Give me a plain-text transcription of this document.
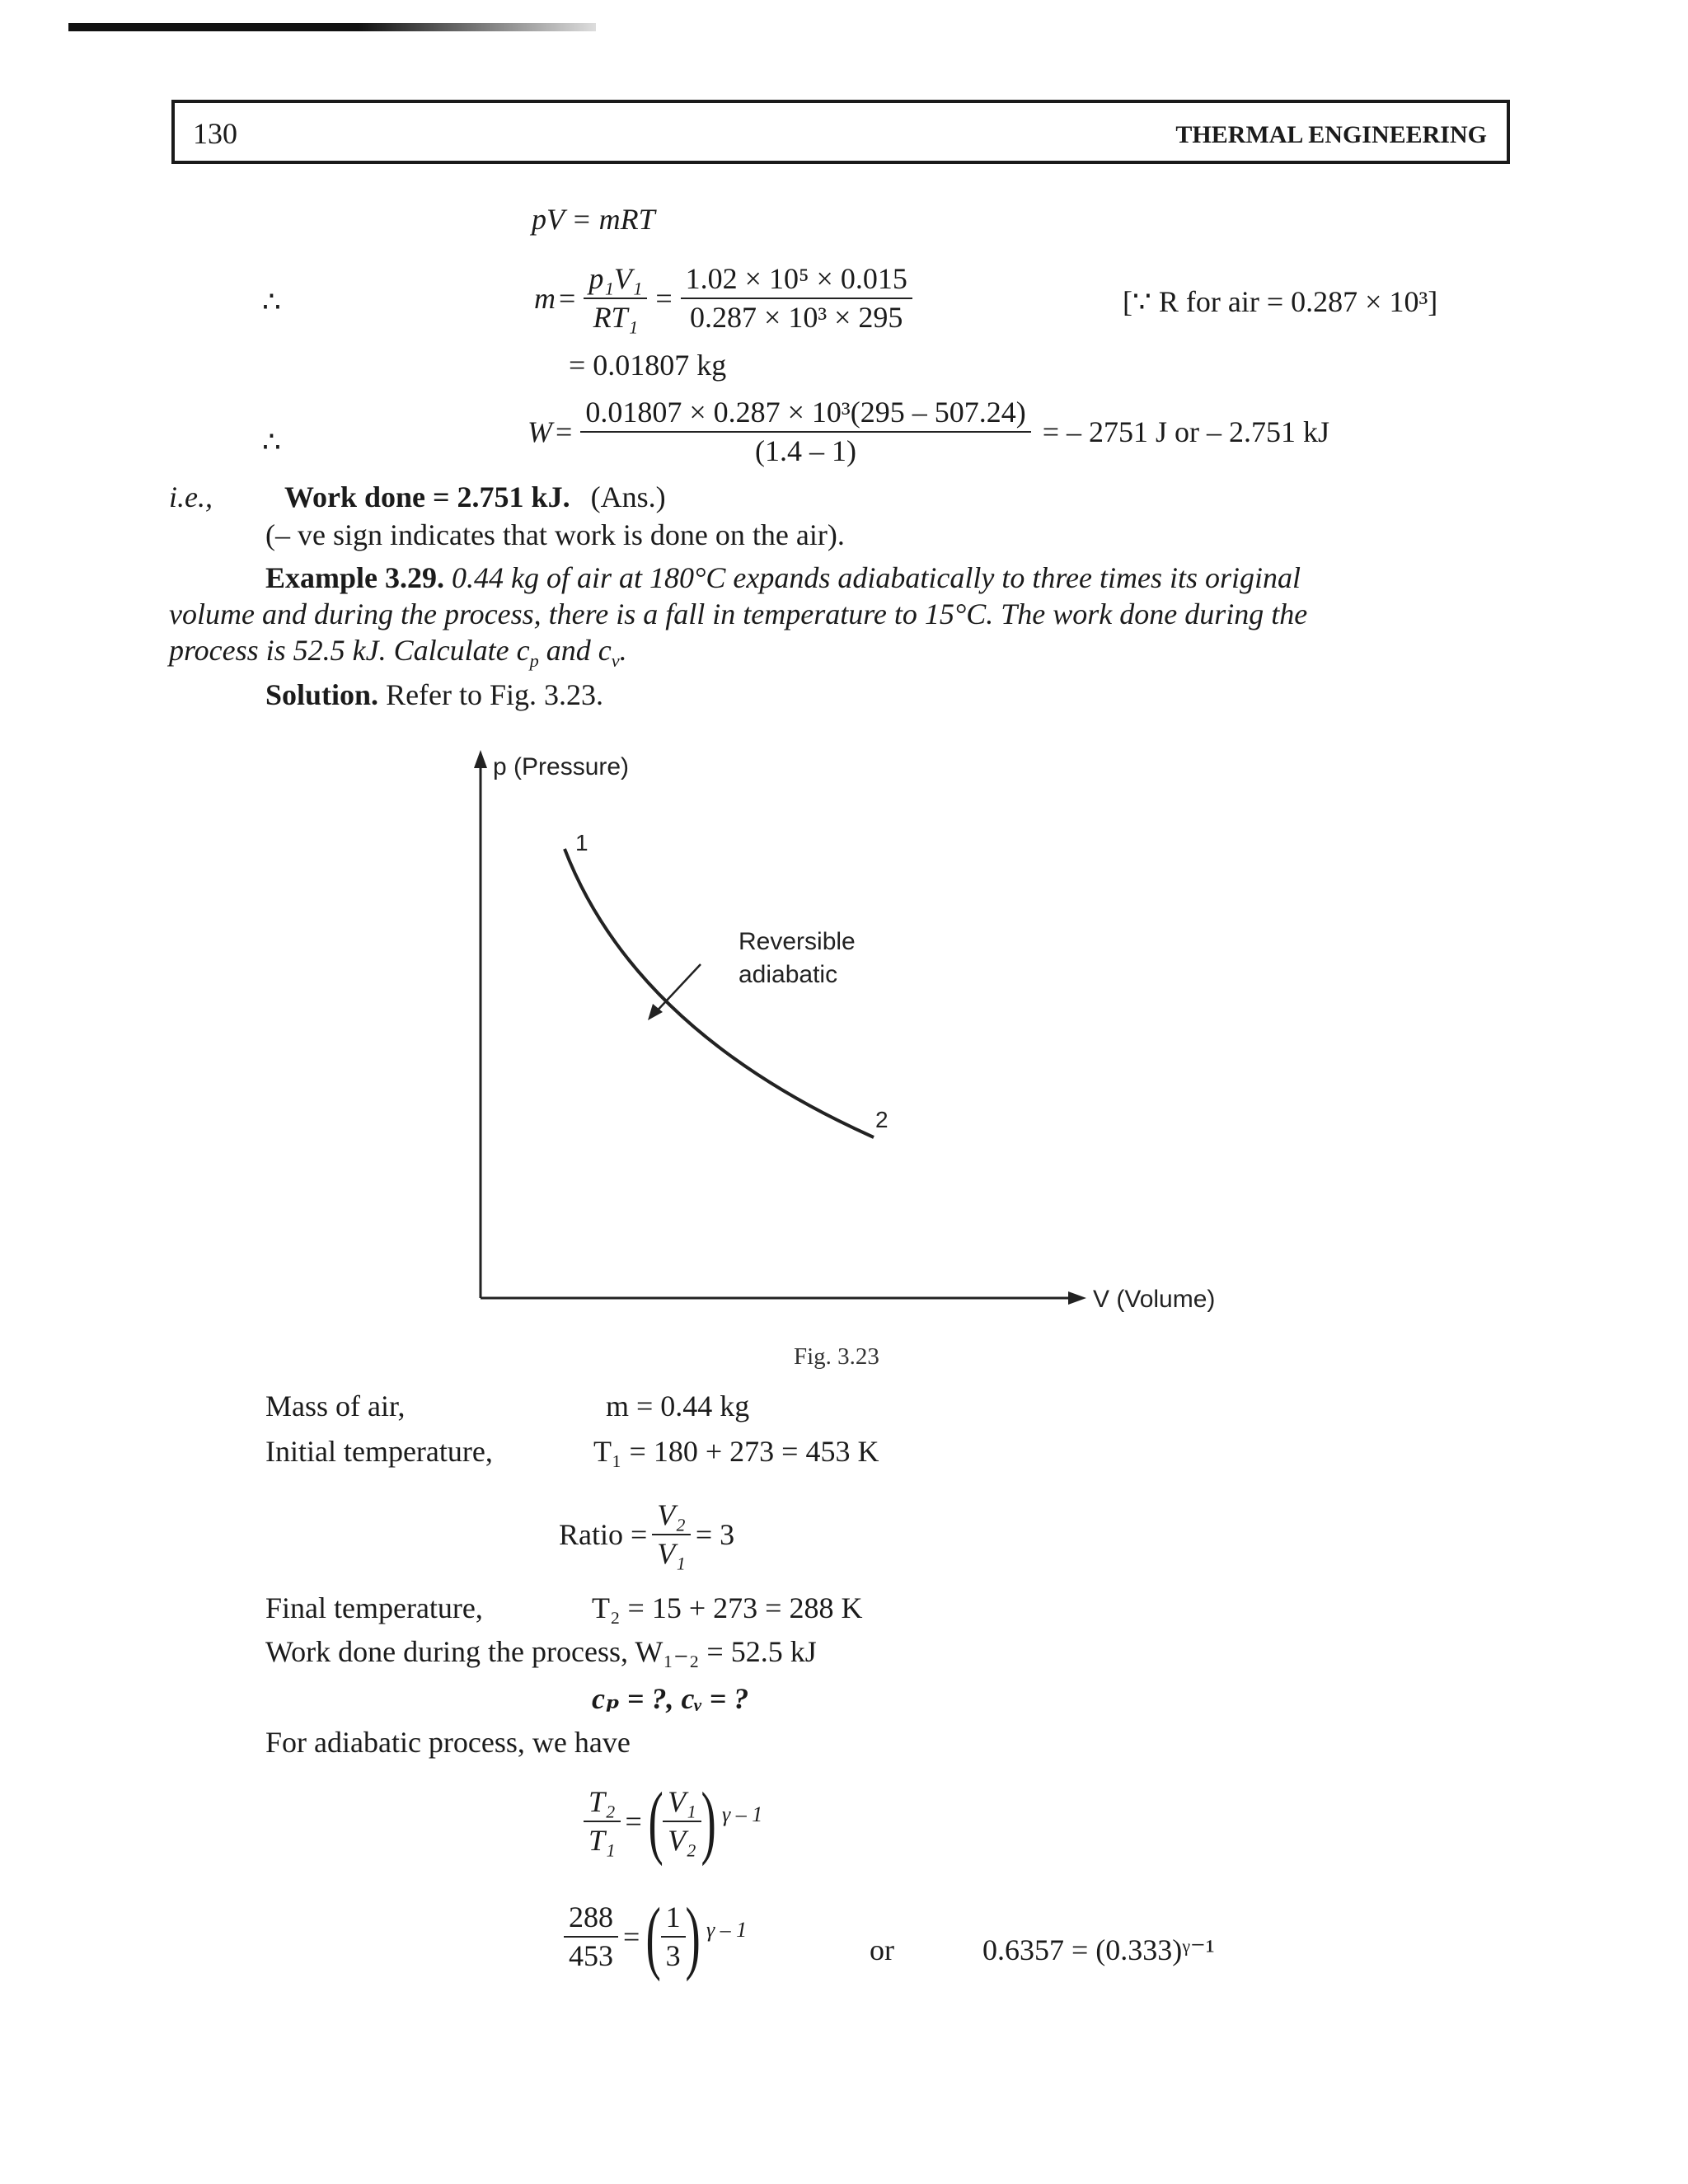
130	THERMAL ENGINEERING
pV = mRT
∴	$m = \frac{\text{p₁V₁}}{\text{RT₁}} = \frac{\text{1.02 × 10⁵ × 0.015}}{\text{0.287 × 10³ × 295}}$	[∵ R for air = 0.287 × 10³]
= 0.01807 kg
∴	$W = \frac{\text{0.01807 × 0.287 × 10³(295 – 507.24)}}{(1.4 - 1)}$ = – 2751 J or – 2.751 kJ
i.e., Work done = 2.751 kJ. (Ans.)
(– ve sign indicates that work is done on the air).
Example 3.29. 0.44 kg of air at 180°C expands adiabatically to three times its original
volume and during the process, there is a fall in temperature to 15°C. The work done during the
process is 52.5 kJ. Calculate $c_p$ and $c_v$.
Solution. Refer to Fig. 3.23.
p (Pressure)
V (Volume)
1
2
Reversible
adiabatic
Fig. 3.23
Mass of air,	m = 0.44 kg
Initial temperature,	T₁ = 180 + 273 = 453 K
Ratio = $\frac{\text{V₂}}{\text{V₁}} = 3$
Final temperature,	T₂ = 15 + 273 = 288 K
Work done during the process, W₁₋₂ = 52.5 kJ
cₚ = ?, cᵥ = ?
For adiabatic process, we have
$\frac{\text{T₂}}{\text{T₁}}$ = ( $\frac{\text{V₁}}{\text{V₂}}$ ) γ – 1
$\frac{288}{453}$ = ( $\frac{1}{3}$ ) γ – 1
or	0.6357 = (0.333)ᵞ⁻¹
